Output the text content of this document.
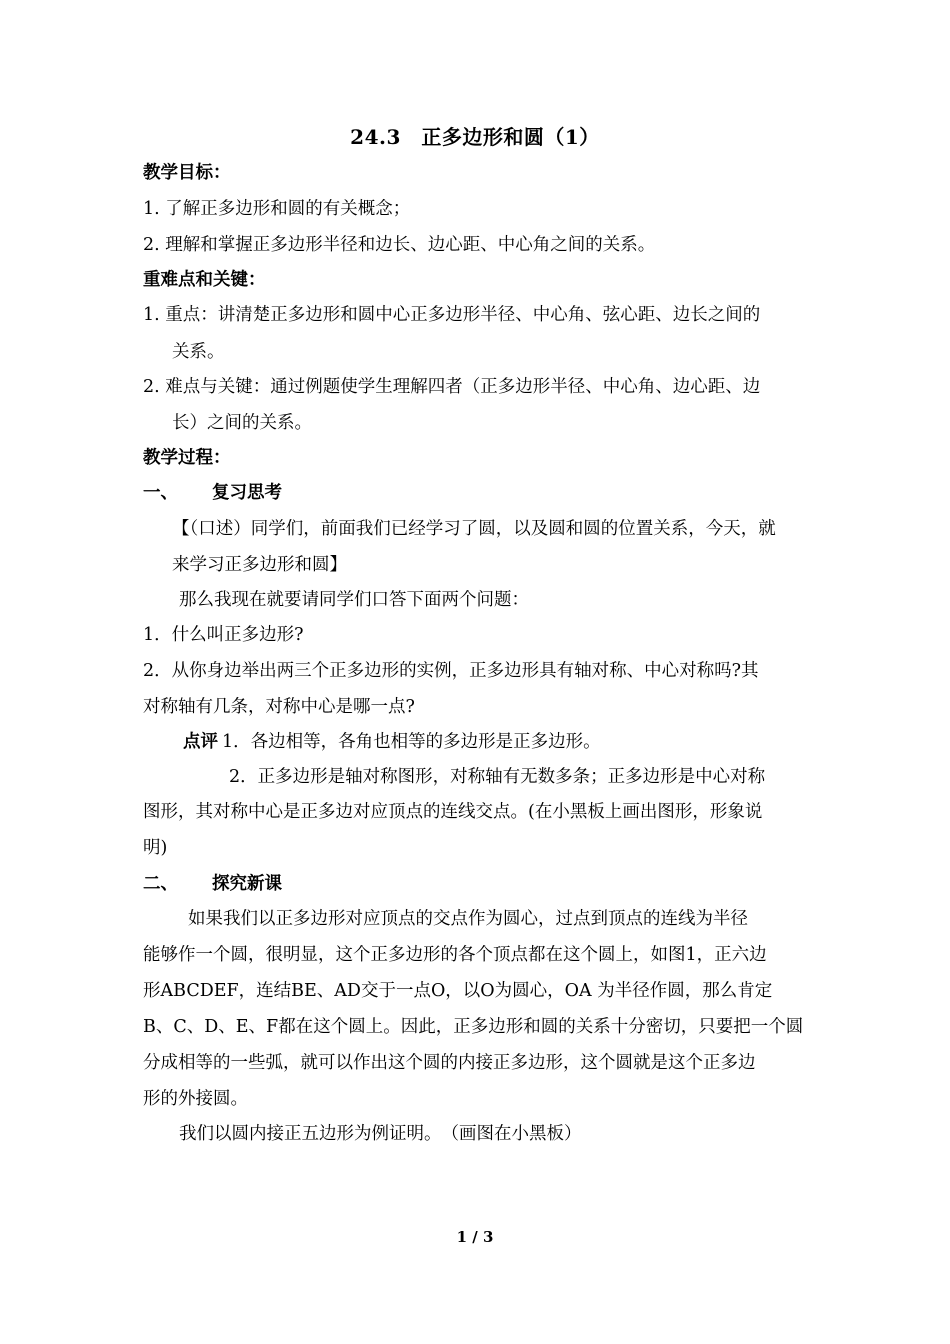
24.3　正多边形和圆（1）
教学目标：
1. 了解正多边形和圆的有关概念；
2. 理解和掌握正多边形半径和边长、边心距、中心角之间的关系。
重难点和关键：
1. 重点：讲清楚正多边形和圆中心正多边形半径、中心角、弦心距、边长之间的
关系。
2. 难点与关键：通过例题使学生理解四者（正多边形半径、中心角、边心距、边
长）之间的关系。
教学过程：
一、 复习思考
【（口述）同学们，前面我们已经学习了圆，以及圆和圆的位置关系，今天，就
来学习正多边形和圆】
那么我现在就要请同学们口答下面两个问题：
1．什么叫正多边形?
2．从你身边举出两三个正多边形的实例，正多边形具有轴对称、中心对称吗?其
对称轴有几条，对称中心是哪一点?
点评 1．各边相等，各角也相等的多边形是正多边形。
2．正多边形是轴对称图形，对称轴有无数多条；正多边形是中心对称
图形，其对称中心是正多边对应顶点的连线交点。(在小黑板上画出图形，形象说
明)
二、 探究新课
如果我们以正多边形对应顶点的交点作为圆心，过点到顶点的连线为半径
能够作一个圆，很明显，这个正多边形的各个顶点都在这个圆上，如图1，正六边
形ABCDEF，连结BE、AD交于一点O，以O为圆心，OA 为半径作圆，那么肯定
B、C、D、E、F都在这个圆上。因此，正多边形和圆的关系十分密切，只要把一个圆
分成相等的一些弧，就可以作出这个圆的内接正多边形，这个圆就是这个正多边
形的外接圆。
我们以圆内接正五边形为例证明。　（画图在小黑板）
1 / 3
